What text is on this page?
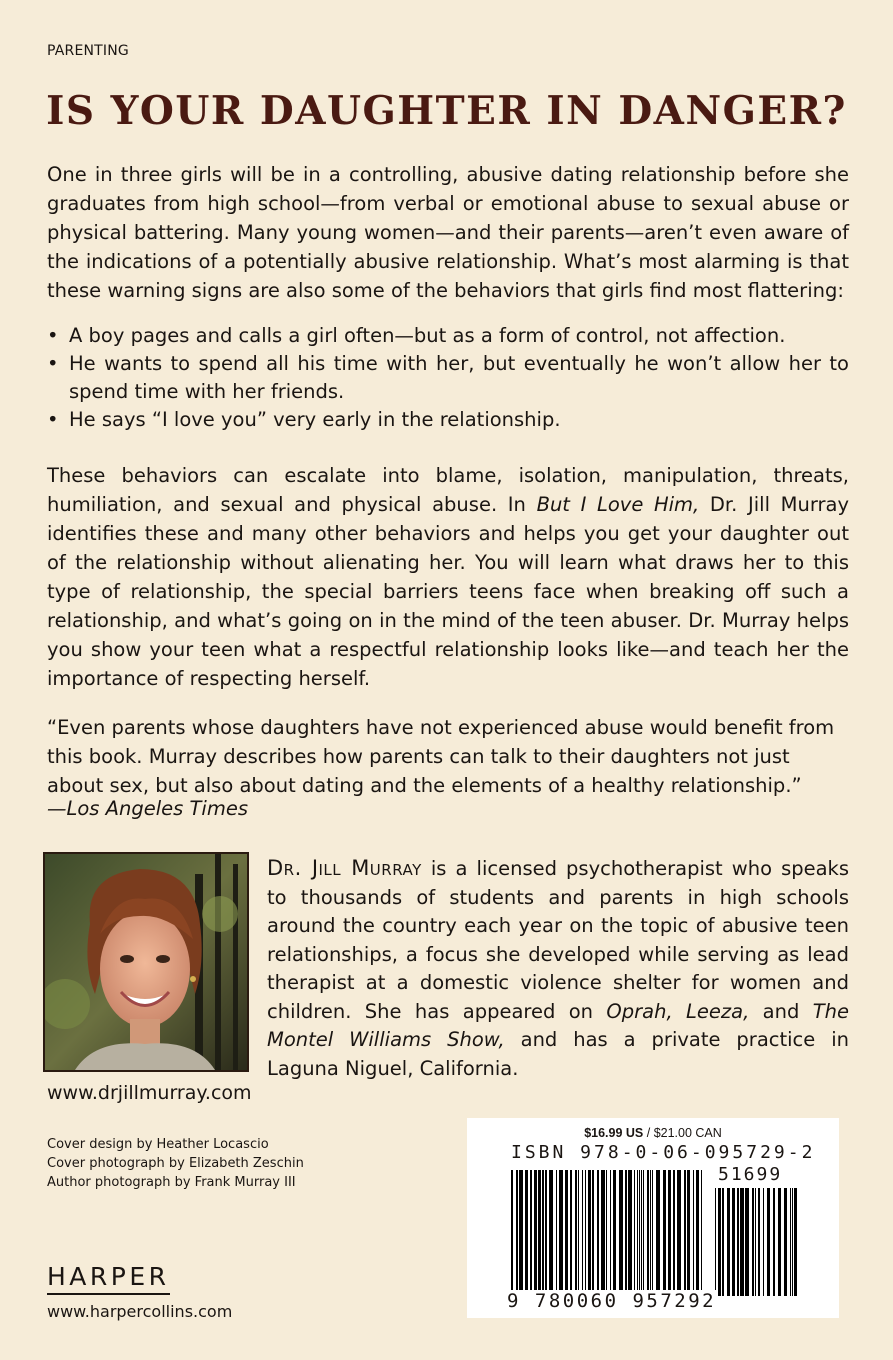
PARENTING
IS YOUR DAUGHTER IN DANGER?

One in three girls will be in a controlling, abusive dating relationship before she graduates from high school—from verbal or emotional abuse to sexual abuse or physical battering. Many young women—and their parents—aren’t even aware of the indications of a potentially abusive relationship. What’s most alarming is that these warning signs are also some of the behaviors that girls find most flattering:

• A boy pages and calls a girl often—but as a form of control, not affection.
• He wants to spend all his time with her, but eventually he won’t allow her to spend time with her friends.
• He says “I love you” very early in the relationship.

These behaviors can escalate into blame, isolation, manipulation, threats, humiliation, and sexual and physical abuse. In But I Love Him, Dr. Jill Murray identifies these and many other behaviors and helps you get your daughter out of the relationship without alienating her. You will learn what draws her to this type of relationship, the special barriers teens face when breaking off such a relationship, and what’s going on in the mind of the teen abuser. Dr. Murray helps you show your teen what a respectful relationship looks like—and teach her the importance of respecting herself.

“Even parents whose daughters have not experienced abuse would benefit from this book. Murray describes how parents can talk to their daughters not just about sex, but also about dating and the elements of a healthy relationship.”

—Los Angeles Times

Dr. Jill Murray is a licensed psychotherapist who speaks to thousands of students and parents in high schools around the country each year on the topic of abusive teen relationships, a focus she developed while serving as lead therapist at a domestic violence shelter for women and children. She has appeared on Oprah, Leeza, and The Montel Williams Show, and has a private practice in Laguna Niguel, California.

www.drjillmurray.com
Cover design by Heather Locascio
Cover photograph by Elizabeth Zeschin
Author photograph by Frank Murray III
HARPER
www.harpercollins.com
$16.99 US / $21.00 CAN
ISBN 978-0-06-095729-2
51699
9 780060 957292
